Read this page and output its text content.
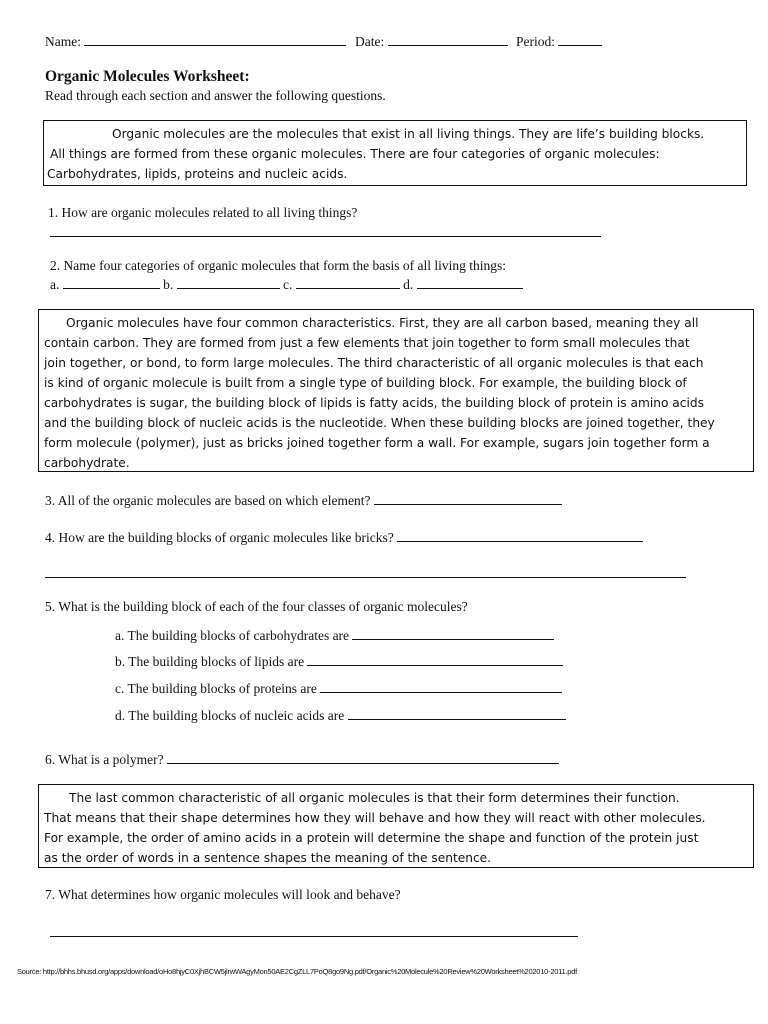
Name:	Date:	Period:
Organic Molecules Worksheet:
Read through each section and answer the following questions.

Organic molecules are the molecules that exist in all living things. They are life’s building blocks.

All things are formed from these organic molecules. There are four categories of organic molecules:

Carbohydrates, lipids, proteins and nucleic acids.

1. How are organic molecules related to all living things?
2. Name four categories of organic molecules that form the basis of all living things:
a.	b.	c.	d.

Organic molecules have four common characteristics. First, they are all carbon based, meaning they all

contain carbon. They are formed from just a few elements that join together to form small molecules that

join together, or bond, to form large molecules. The third characteristic of all organic molecules is that each

is kind of organic molecule is built from a single type of building block. For example, the building block of

carbohydrates is sugar, the building block of lipids is fatty acids, the building block of protein is amino acids

and the building block of nucleic acids is the nucleotide. When these building blocks are joined together, they

form molecule (polymer), just as bricks joined together form a wall. For example, sugars join together form a

carbohydrate.

3. All of the organic molecules are based on which element?
4. How are the building blocks of organic molecules like bricks?
5. What is the building block of each of the four classes of organic molecules?
a. The building blocks of carbohydrates are
b. The building blocks of lipids are
c. The building blocks of proteins are
d. The building blocks of nucleic acids are
6. What is a polymer?

The last common characteristic of all organic molecules is that their form determines their function.

That means that their shape determines how they will behave and how they will react with other molecules.

For example, the order of amino acids in a protein will determine the shape and function of the protein just

as the order of words in a sentence shapes the meaning of the sentence.

7. What determines how organic molecules will look and behave?
Source: http://bhhs.bhusd.org/apps/download/oHo8hjyC0XjhBCW5jlrwWAgyMon50AE2CgZLL7PoQ8go9Ng.pdf/Organic%20Molecule%20Review%20Worksheet%202010-2011.pdf
